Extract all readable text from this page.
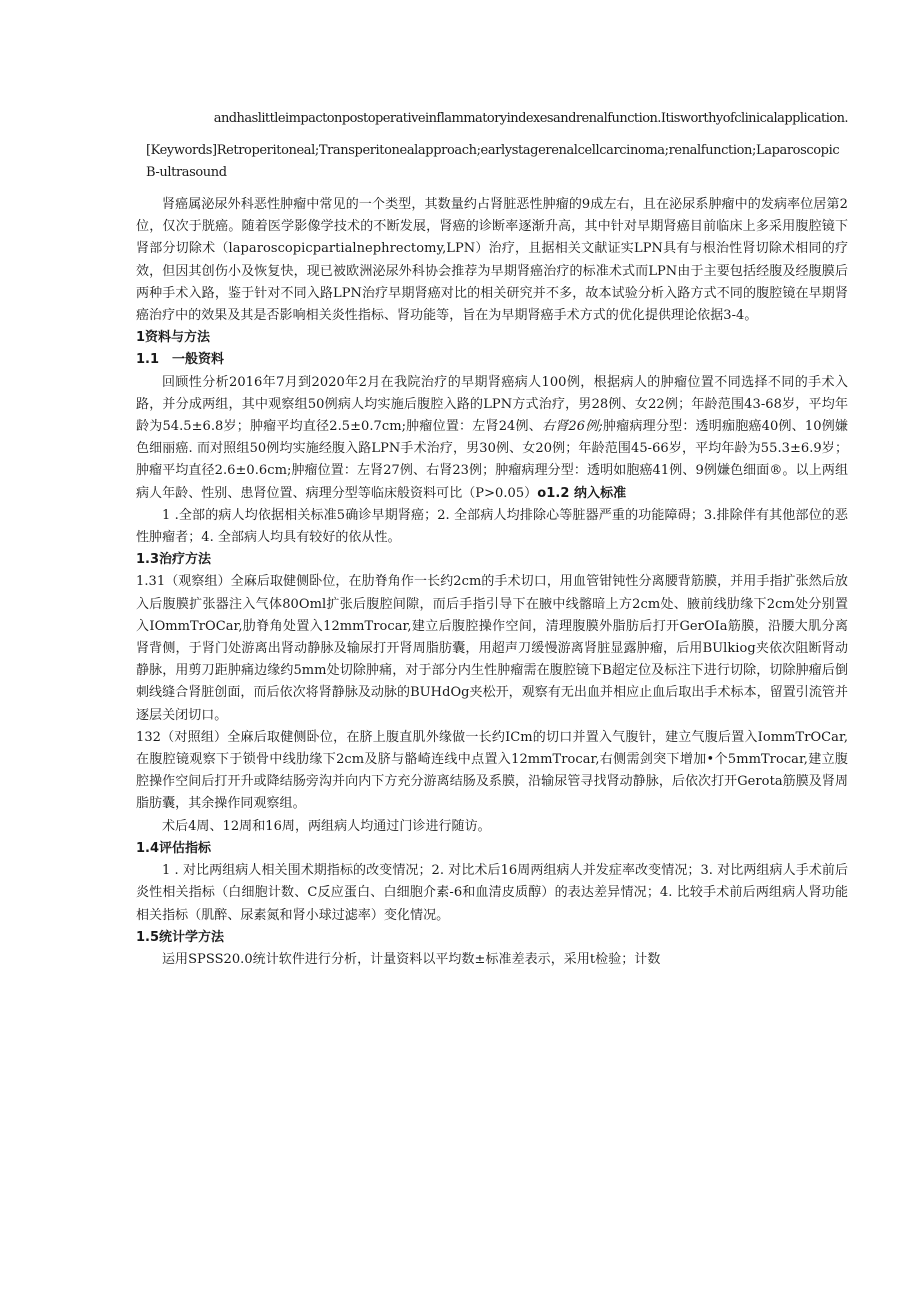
andhaslittleimpactonpostoperativeinflammatoryindexesandrenalfunction.Itisworthyofclinicalapplication.

[Keywords]Retroperitoneal;Transperitonealapproach;earlystagerenalcellcarcinoma;renalfunction;Laparoscopic B-ultrasound

肾癌属泌尿外科恶性肿瘤中常见的一个类型，其数量约占肾脏恶性肿瘤的9成左右，且在泌尿系肿瘤中的发病率位居第2位，仅次于胱癌。随着医学影像学技术的不断发展，肾癌的诊断率逐渐升高，其中针对早期肾癌目前临床上多采用腹腔镜下肾部分切除术（laparoscopicpartialnephrectomy,LPN）治疗，且据相关文献证实LPN具有与根治性肾切除术相同的疗效，但因其创伤小及恢复快，现已被欧洲泌尿外科协会推荐为早期肾癌治疗的标准术式而LPN由于主要包括经腹及经腹膜后两种手术入路，鉴于针对不同入路LPN治疗早期肾癌对比的相关研究并不多，故本试验分析入路方式不同的腹腔镜在早期肾癌治疗中的效果及其是否影响相关炎性指标、肾功能等，旨在为早期肾癌手术方式的优化提供理论依据3-4。

1资料与方法

1.1　一般资料

回顾性分析2016年7月到2020年2月在我院治疗的早期肾癌病人100例，根据病人的肿瘤位置不同选择不同的手术入路，并分成两组，其中观察组50例病人均实施后腹腔入路的LPN方式治疗，男28例、女22例；年龄范围43-68岁，平均年龄为54.5±6.8岁；肿瘤平均直径2.5±0.7cm;肿瘤位置：左肾24例、右肾26例;肿瘤病理分型：透明痂胞癌40例、10例嫌色细丽癌. 而对照组50例均实施经腹入路LPN手术治疗，男30例、女20例；年龄范围45-66岁，平均年龄为55.3±6.9岁；肿瘤平均直径2.6±0.6cm;肿瘤位置：左肾27例、右肾23例；肿瘤病理分型：透明如胞癌41例、9例嫌色细面®。以上两组病人年龄、性别、患肾位置、病理分型等临床般资料可比（P>0.05）o1.2 纳入标准

1 .全部的病人均依据相关标准5确诊早期肾癌；2. 全部病人均排除心等脏器严重的功能障碍；3.排除伴有其他部位的恶性肿瘤者；4. 全部病人均具有较好的依从性。

1.3治疗方法

1.31（观察组）全麻后取健侧卧位，在肋脊角作一长约2cm的手术切口，用血管钳钝性分离腰背筋膜，并用手指扩张然后放入后腹膜扩张器注入气体80Oml扩张后腹腔间隙，而后手指引导下在腋中线髂暗上方2cm处、腋前线肋缘下2cm处分别置入IOmmTrOCar,肋脊角处置入12mmTrocar,建立后腹腔操作空间，清理腹膜外脂肪后打开GerOIa筋膜，沿腰大肌分离肾背侧，于肾门处游离出肾动静脉及输尿打开肾周脂肪囊，用超声刀缓慢游离肾脏显露肿瘤，后用BUlkiog夹依次阻断肾动静脉，用剪刀距肿痛边缘约5mm处切除肿痛，对于部分内生性肿瘤需在腹腔镜下B超定位及标注下进行切除，切除肿瘤后倒刺线缝合肾脏创面，而后依次将肾静脉及动脉的BUHdOg夹松开，观察有无出血并相应止血后取出手术标本，留置引流管并逐层关闭切口。

132（对照组）全麻后取健侧卧位，在脐上腹直肌外缘做一长约ICm的切口并置入气腹针，建立气腹后置入IommTrOCar,在腹腔镜观察下于锁骨中线肋缘下2cm及脐与骼崎连线中点置入12mmTrocar,右侧需剑突下增加•个5mmTrocar,建立腹腔操作空间后打开升或降结肠旁沟并向内下方充分游离结肠及系膜，沿输尿管寻找肾动静脉，后依次打开Gerota筋膜及肾周脂肪囊，其余操作同观察组。

术后4周、12周和16周，两组病人均通过门诊进行随访。

1.4评估指标

1 . 对比两组病人相关围术期指标的改变情况；2. 对比术后16周两组病人并发症率改变情况；3. 对比两组病人手术前后炎性相关指标（白细胞计数、C反应蛋白、白细胞介素-6和血清皮质醇）的表达差异情况；4. 比较手术前后两组病人肾功能相关指标（肌醉、尿素氮和肾小球过滤率）变化情况。

1.5统计学方法

运用SPSS20.0统计软件进行分析，计量资料以平均数±标准差表示，采用t检验；计数
